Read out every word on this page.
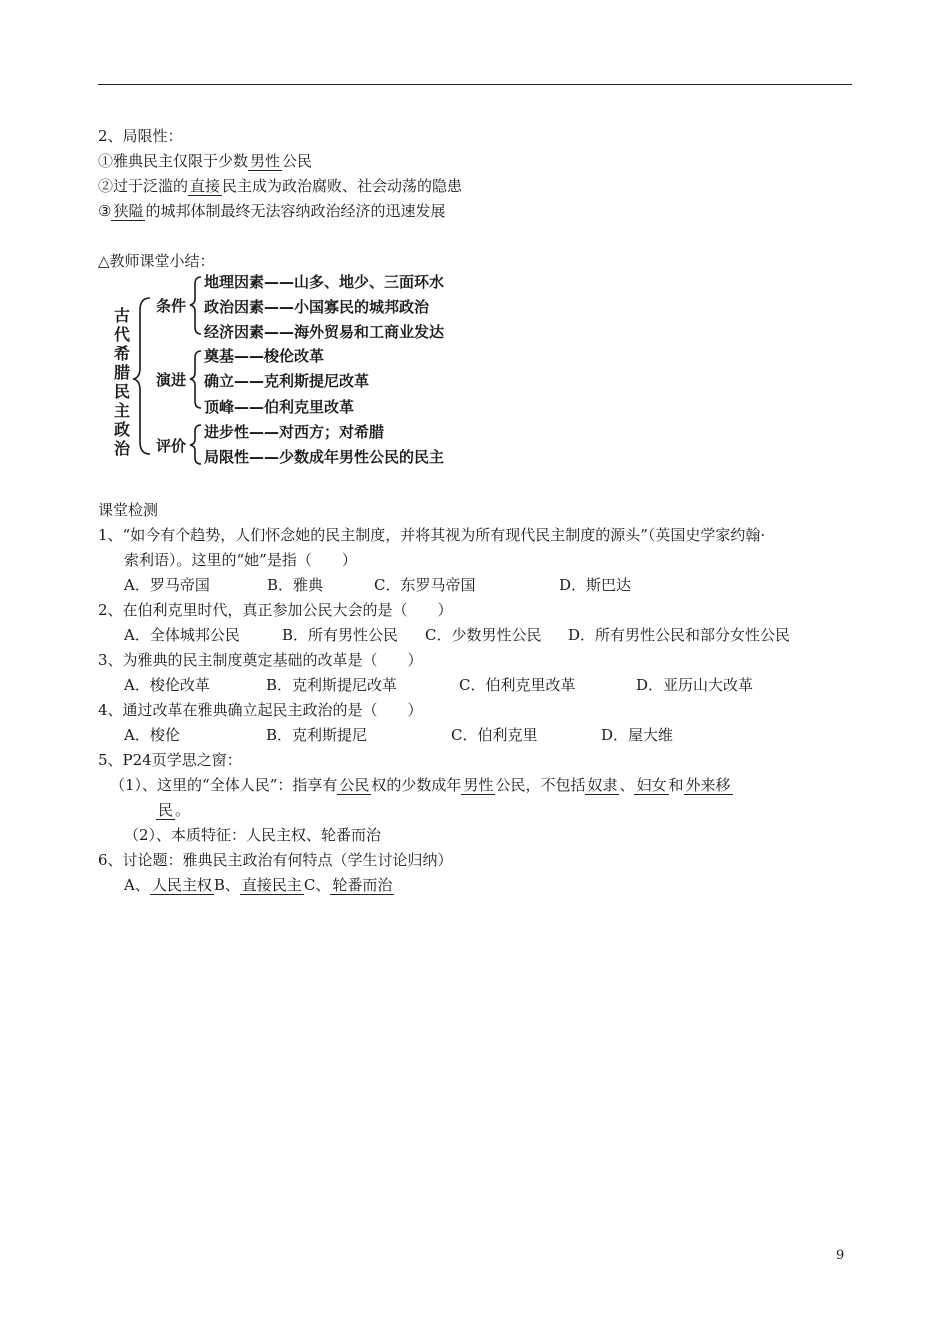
2、局限性：
①雅典民主仅限于少数 男性 公民
②过于泛滥的 直接 民主成为政治腐败、社会动荡的隐患
③ 狭隘 的城邦体制最终无法容纳政治经济的迅速发展
△教师课堂小结：
古
代
希
腊
民
主
政
治
条件
演进
评价
地理因素——山多、地少、三面环水
政治因素——小国寡民的城邦政治
经济因素——海外贸易和工商业发达
奠基——梭伦改革
确立——克利斯提尼改革
顶峰——伯利克里改革
进步性——对西方；对希腊
局限性——少数成年男性公民的民主
课堂检测
1、“如今有个趋势，人们怀念她的民主制度，并将其视为所有现代民主制度的源头”（英国史学家约翰·
索利语）。这里的“她”是指（　　）
A．罗马帝国	B．雅典	C．东罗马帝国	D．斯巴达
2、在伯利克里时代，真正参加公民大会的是（　　）
A．全体城邦公民	B．所有男性公民 C．少数男性公民 D．所有男性公民和部分女性公民
3、为雅典的民主制度奠定基础的改革是（　　）
A．梭伦改革	B．克利斯提尼改革	C．伯利克里改革	D．亚历山大改革
4、通过改革在雅典确立起民主政治的是（　　）
A．梭伦	B．克利斯提尼	C．伯利克里	D．屋大维
5、P24页学思之窗：
（1）、这里的“全体人民”：指享有 公民 权的少数成年 男性 公民，不包括 奴隶 、 妇女 和 外来移
民 。
（2）、本质特征：人民主权、轮番而治
6、讨论题：雅典民主政治有何特点（学生讨论归纳）
A、 人民主权 B、 直接民主 C、 轮番而治
9
